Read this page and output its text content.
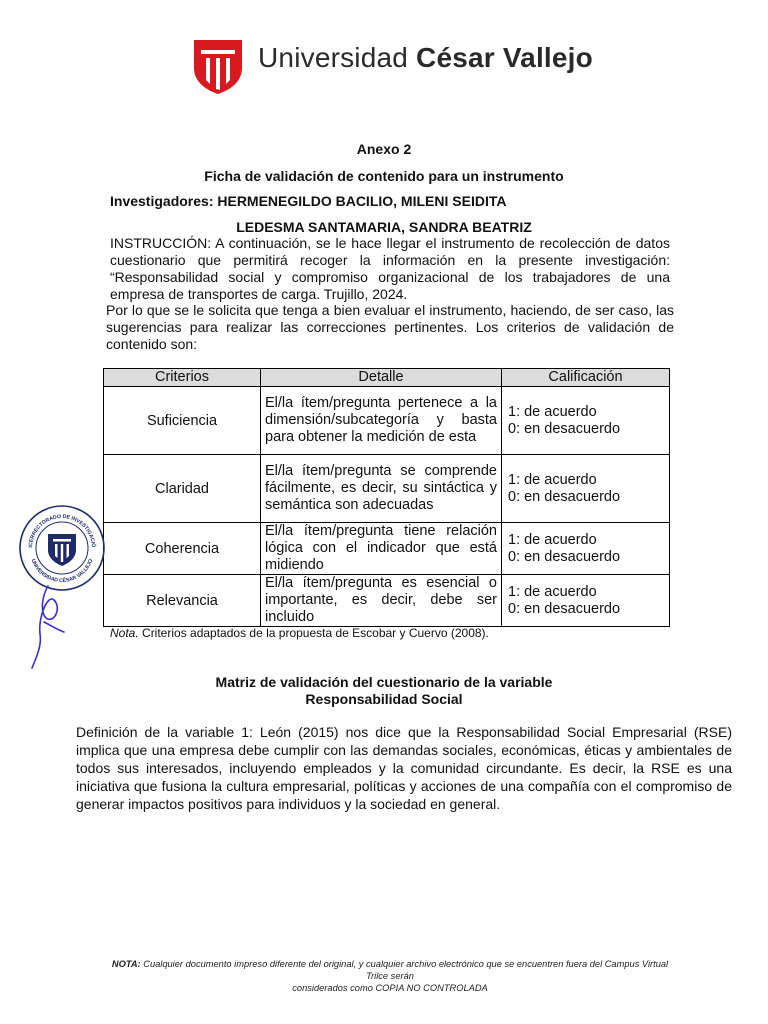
Universidad César Vallejo
Anexo 2
Ficha de validación de contenido para un instrumento
Investigadores: HERMENEGILDO BACILIO, MILENI SEIDITA
LEDESMA SANTAMARIA, SANDRA BEATRIZ
INSTRUCCIÓN: A continuación, se le hace llegar el instrumento de recolección de datos cuestionario que permitirá recoger la información en la presente investigación: “Responsabilidad social y compromiso organizacional de los trabajadores de una empresa de transportes de carga. Trujillo, 2024.
Por lo que se le solicita que tenga a bien evaluar el instrumento, haciendo, de ser caso, las sugerencias para realizar las correcciones pertinentes. Los criterios de validación de contenido son:
Criterios	Detalle	Calificación
Suficiencia	El/la ítem/pregunta pertenece a la dimensión/subcategoría y basta para obtener la medición de esta	1: de acuerdo
0: en desacuerdo

Claridad	El/la ítem/pregunta se comprende fácilmente, es decir, su sintáctica y semántica son adecuadas	1: de acuerdo
0: en desacuerdo

Coherencia	El/la ítem/pregunta tiene relación lógica con el indicador que está midiendo	1: de acuerdo
0: en desacuerdo

Relevancia	El/la ítem/pregunta es esencial o importante, es decir, debe ser incluido	1: de acuerdo
0: en desacuerdo
Nota. Criterios adaptados de la propuesta de Escobar y Cuervo (2008).
ICERRECTORADO DE INVESTIGACIÓ
UNIVERSIDAD CÉSAR VALLEJO
Matriz de validación del cuestionario de la variable
Responsabilidad Social
Definición de la variable 1: León (2015) nos dice que la Responsabilidad Social Empresarial (RSE) implica que una empresa debe cumplir con las demandas sociales, económicas, éticas y ambientales de todos sus interesados, incluyendo empleados y la comunidad circundante. Es decir, la RSE es una iniciativa que fusiona la cultura empresarial, políticas y acciones de una compañía con el compromiso de generar impactos positivos para individuos y la sociedad en general.
NOTA: Cualquier documento impreso diferente del original, y cualquier archivo electrónico que se encuentren fuera del Campus Virtual Trilce serán
considerados como COPIA NO CONTROLADA
